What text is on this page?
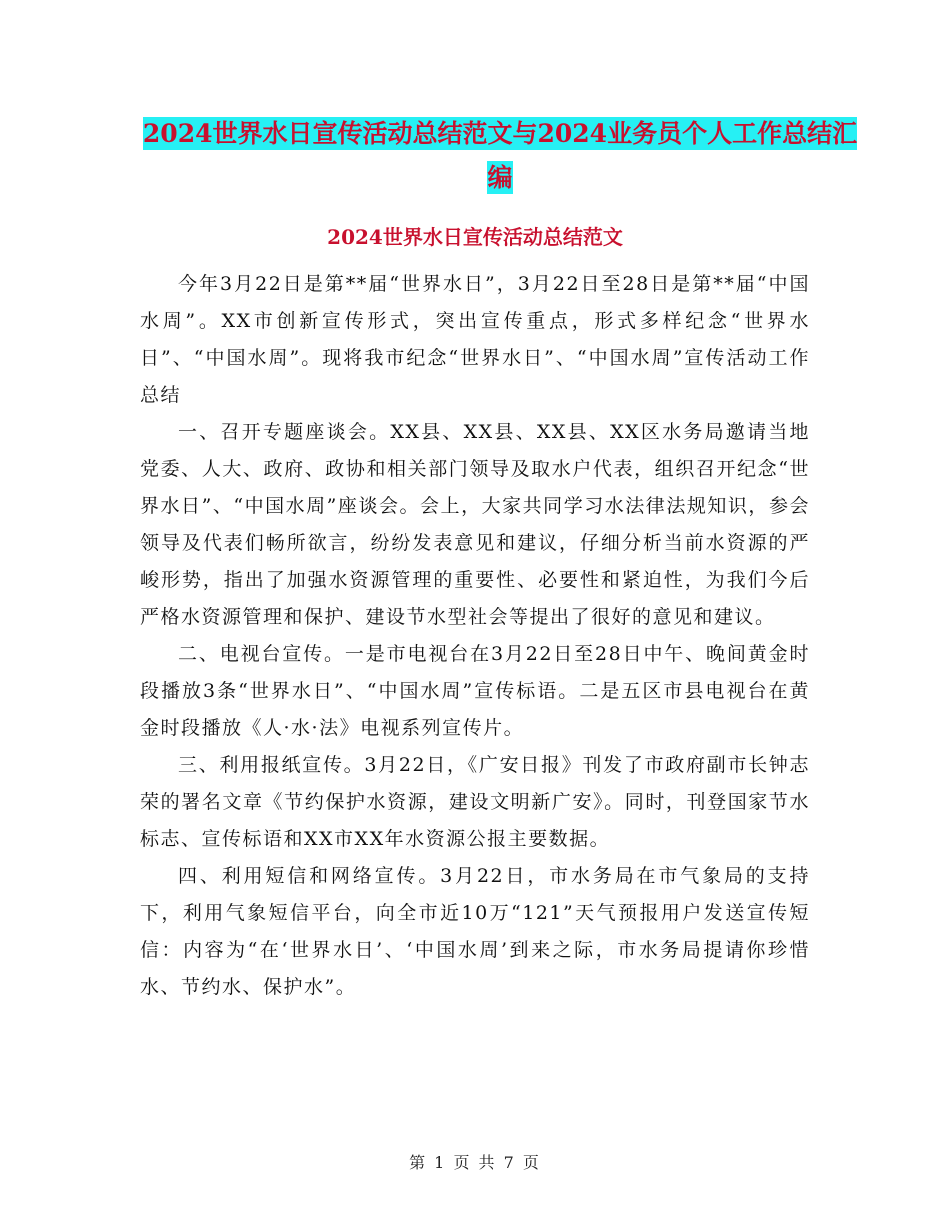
2024世界水日宣传活动总结范文与2024业务员个人工作总结汇编
2024世界水日宣传活动总结范文

今年3月22日是第**届“世界水日”，3月22日至28日是第**届“中国水周”。XX市创新宣传形式，突出宣传重点，形式多样纪念“世界水日”、“中国水周”。现将我市纪念“世界水日”、“中国水周”宣传活动工作总结

一、召开专题座谈会。XX县、XX县、XX县、XX区水务局邀请当地党委、人大、政府、政协和相关部门领导及取水户代表，组织召开纪念“世界水日”、“中国水周”座谈会。会上，大家共同学习水法律法规知识，参会领导及代表们畅所欲言，纷纷发表意见和建议，仔细分析当前水资源的严峻形势，指出了加强水资源管理的重要性、必要性和紧迫性，为我们今后严格水资源管理和保护、建设节水型社会等提出了很好的意见和建议。

二、电视台宣传。一是市电视台在3月22日至28日中午、晚间黄金时段播放3条“世界水日”、“中国水周”宣传标语。二是五区市县电视台在黄金时段播放《人·水·法》电视系列宣传片。

三、利用报纸宣传。3月22日，《广安日报》刊发了市政府副市长钟志荣的署名文章《节约保护水资源，建设文明新广安》。同时，刊登国家节水标志、宣传标语和XX市XX年水资源公报主要数据。

四、利用短信和网络宣传。3月22日，市水务局在市气象局的支持下，利用气象短信平台，向全市近10万“121”天气预报用户发送宣传短信：内容为“在‘世界水日’、‘中国水周’到来之际，市水务局提请你珍惜水、节约水、保护水”。

第 1 页 共 7 页
